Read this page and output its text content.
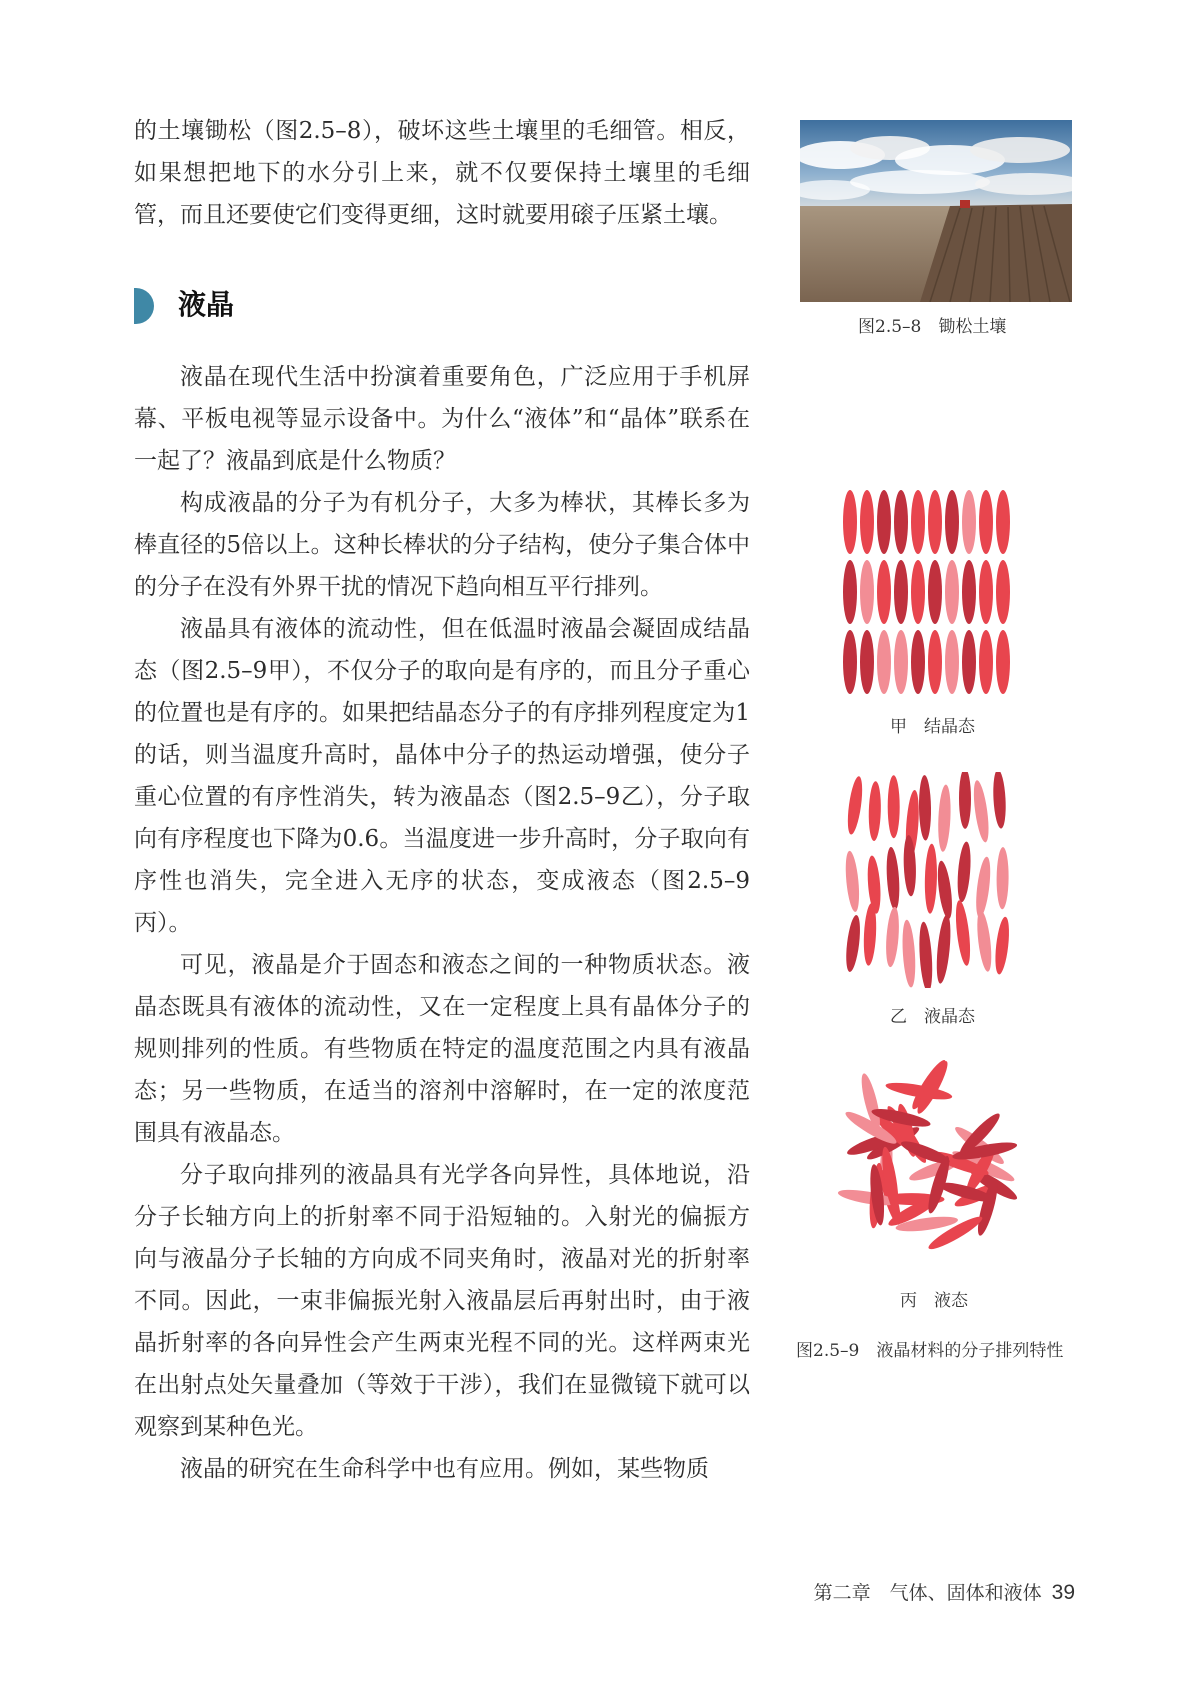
的土壤锄松（图2.5–8），破坏这些土壤里的毛细管。相反，如果想把地下的水分引上来，就不仅要保持土壤里的毛细管，而且还要使它们变得更细，这时就要用磙子压紧土壤。

液晶

液晶在现代生活中扮演着重要角色，广泛应用于手机屏幕、平板电视等显示设备中。为什么“液体”和“晶体”联系在一起了？液晶到底是什么物质？

构成液晶的分子为有机分子，大多为棒状，其棒长多为棒直径的5倍以上。这种长棒状的分子结构，使分子集合体中的分子在没有外界干扰的情况下趋向相互平行排列。

液晶具有液体的流动性，但在低温时液晶会凝固成结晶态（图2.5–9甲），不仅分子的取向是有序的，而且分子重心的位置也是有序的。如果把结晶态分子的有序排列程度定为1的话，则当温度升高时，晶体中分子的热运动增强，使分子重心位置的有序性消失，转为液晶态（图2.5–9乙），分子取向有序程度也下降为0.6。当温度进一步升高时，分子取向有序性也消失，完全进入无序的状态，变成液态（图2.5–9丙）。

可见，液晶是介于固态和液态之间的一种物质状态。液晶态既具有液体的流动性，又在一定程度上具有晶体分子的规则排列的性质。有些物质在特定的温度范围之内具有液晶态；另一些物质，在适当的溶剂中溶解时，在一定的浓度范围具有液晶态。

分子取向排列的液晶具有光学各向异性，具体地说，沿分子长轴方向上的折射率不同于沿短轴的。入射光的偏振方向与液晶分子长轴的方向成不同夹角时，液晶对光的折射率不同。因此，一束非偏振光射入液晶层后再射出时，由于液晶折射率的各向异性会产生两束光程不同的光。这样两束光在出射点处矢量叠加（等效于干涉），我们在显微镜下就可以观察到某种色光。

液晶的研究在生命科学中也有应用。例如，某些物质

图2.5–8　锄松土壤
甲　结晶态
乙　液晶态
丙　液态
图2.5–9　液晶材料的分子排列特性
第二章　气体、固体和液体 39
